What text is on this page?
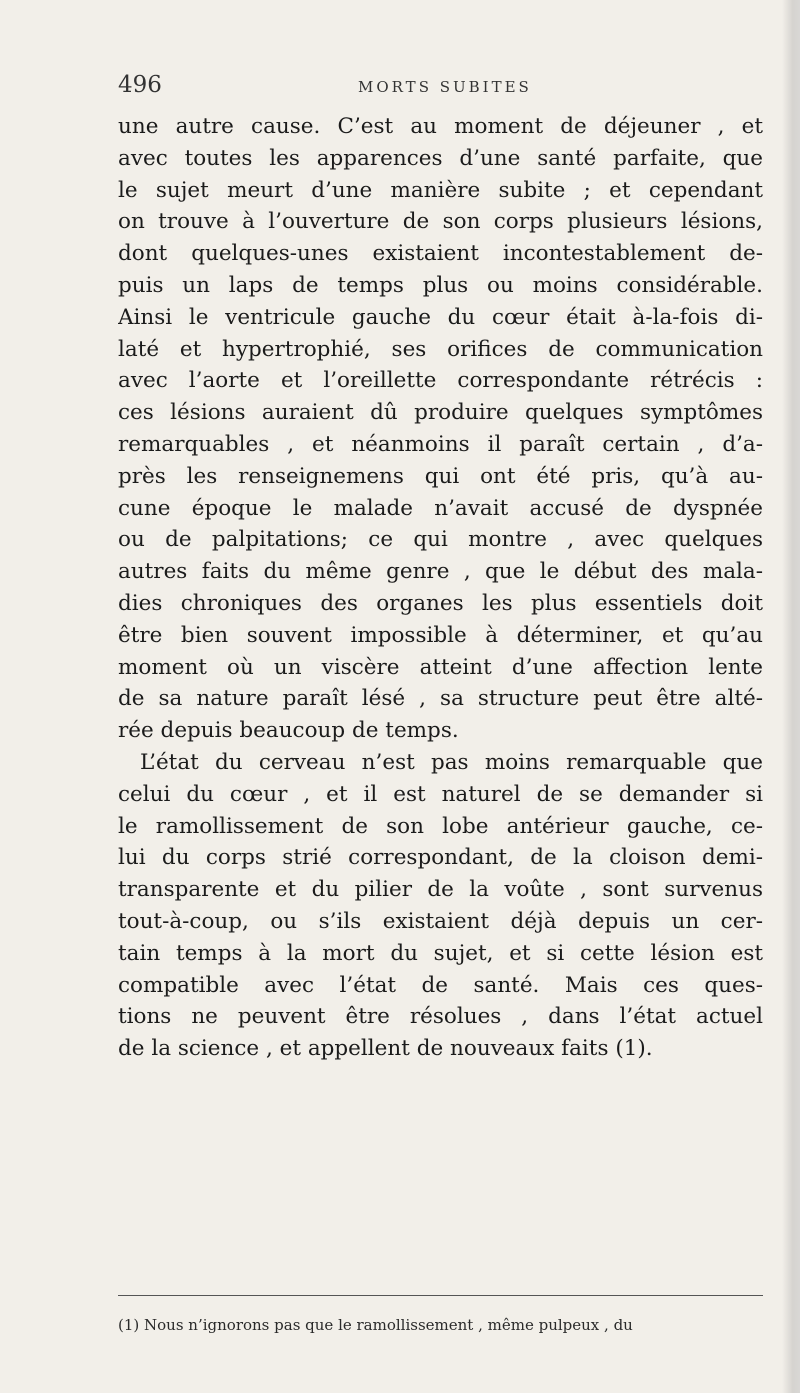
496	MORTS SUBITES
une autre cause. C’est au moment de déjeuner , et
avec toutes les apparences d’une santé parfaite, que
le sujet meurt d’une manière subite ; et cependant
on trouve à l’ouverture de son corps plusieurs lésions,
dont quelques-unes existaient incontestablement de-
puis un laps de temps plus ou moins considérable.
Ainsi le ventricule gauche du cœur était à-la-fois di-
laté et hypertrophié, ses orifices de communication
avec l’aorte et l’oreillette correspondante rétrécis :
ces lésions auraient dû produire quelques symptômes
remarquables , et néanmoins il paraît certain , d’a-
près les renseignemens qui ont été pris, qu’à au-
cune époque le malade n’avait accusé de dyspnée
ou de palpitations; ce qui montre , avec quelques
autres faits du même genre , que le début des mala-
dies chroniques des organes les plus essentiels doit
être bien souvent impossible à déterminer, et qu’au
moment où un viscère atteint d’une affection lente
de sa nature paraît lésé , sa structure peut être alté-
rée depuis beaucoup de temps.
L’état du cerveau n’est pas moins remarquable que
celui du cœur , et il est naturel de se demander si
le ramollissement de son lobe antérieur gauche, ce-
lui du corps strié correspondant, de la cloison demi-
transparente et du pilier de la voûte , sont survenus
tout-à-coup, ou s’ils existaient déjà depuis un cer-
tain temps à la mort du sujet, et si cette lésion est
compatible avec l’état de santé. Mais ces ques-
tions ne peuvent être résolues , dans l’état actuel
de la science , et appellent de nouveaux faits (1).
(1) Nous n’ignorons pas que le ramollissement , même pulpeux , du
